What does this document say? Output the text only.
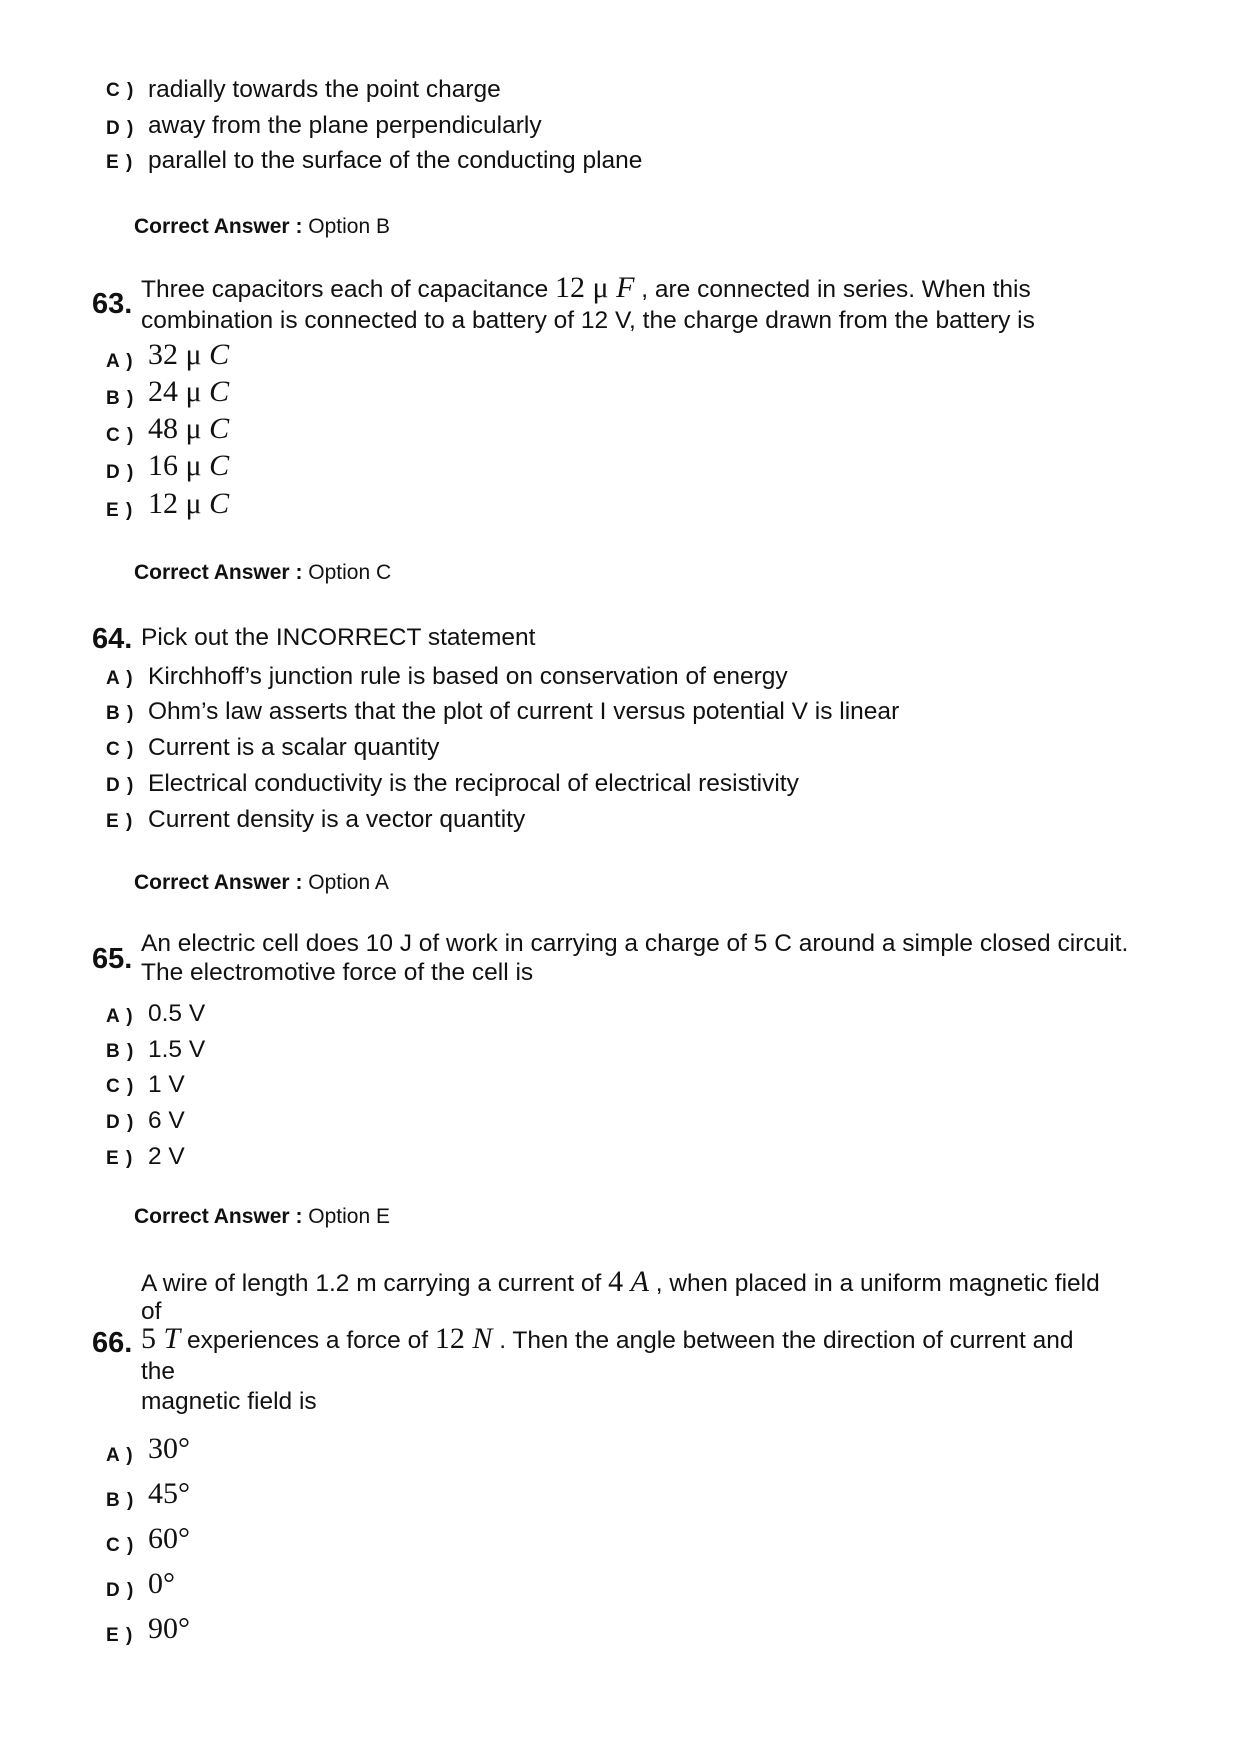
C ) radially towards the point charge
D ) away from the plane perpendicularly
E ) parallel to the surface of the conducting plane
Correct Answer : Option B
63. Three capacitors each of capacitance 12 μ F , are connected in series. When this
combination is connected to a battery of 12 V, the charge drawn from the battery is
A ) 32 μ C
B ) 24 μ C
C ) 48 μ C
D ) 16 μ C
E ) 12 μ C
Correct Answer : Option C
64. Pick out the INCORRECT statement
A ) Kirchhoff’s junction rule is based on conservation of energy
B ) Ohm’s law asserts that the plot of current I versus potential V is linear
C ) Current is a scalar quantity
D ) Electrical conductivity is the reciprocal of electrical resistivity
E ) Current density is a vector quantity
Correct Answer : Option A
65. An electric cell does 10 J of work in carrying a charge of 5 C around a simple closed circuit.
The electromotive force of the cell is
A ) 0.5 V
B ) 1.5 V
C ) 1 V
D ) 6 V
E ) 2 V
Correct Answer : Option E
A wire of length 1.2 m carrying a current of 4 A , when placed in a uniform magnetic field
of
66. 5 T experiences a force of 12 N . Then the angle between the direction of current and
the
magnetic field is
A ) 30°
B ) 45°
C ) 60°
D ) 0°
E ) 90°
